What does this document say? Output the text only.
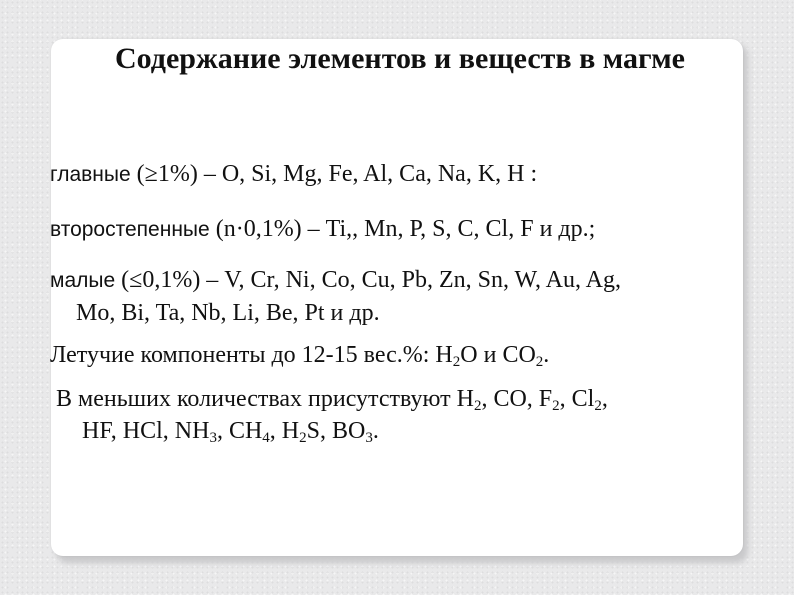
Содержание элементов и веществ в магме
главные (≥1%) – O, Si, Mg, Fe, Al, Ca, Na, K, H :
второстепенные (n·0,1%) – Ti,, Mn, P, S, C, Cl, F и др.;
малые (≤0,1%) – V, Cr, Ni, Co, Cu, Pb, Zn, Sn, W, Au, Ag,
Mo, Bi, Ta, Nb, Li, Be, Pt и др.
Летучие компоненты до 12-15 вес.%: $H_2O$ и $CO_2$.
В меньших количествах присутствуют $H_2$, CO, $F_2$, $Cl_2$,
HF, HCl, $NH_3$, $CH_4$, $H_2S$, $BO_3$.
